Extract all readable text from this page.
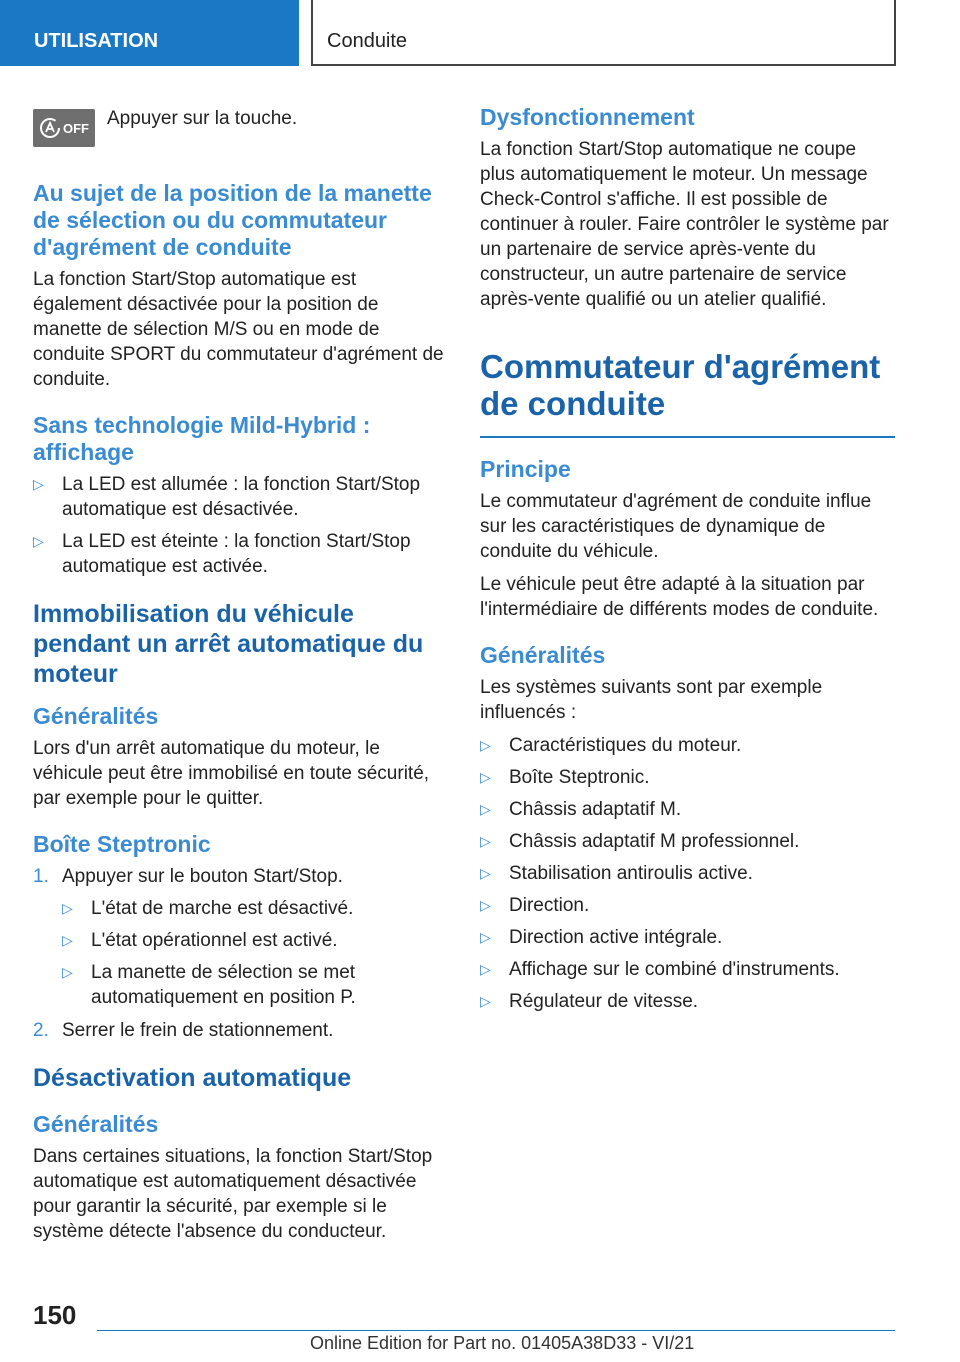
UTILISATION	Conduite
OFF Appuyer sur la touche.
Au sujet de la position de la manette de sélection ou du commutateur d'agrément de conduite

La fonction Start/Stop automatique est également désactivée pour la position de manette de sélection M/S ou en mode de conduite SPORT du commutateur d'agrément de conduite.

Sans technologie Mild-Hybrid : affichage
▷ La LED est allumée : la fonction Start/Stop automatique est désactivée.
▷ La LED est éteinte : la fonction Start/Stop automatique est activée.
Immobilisation du véhicule pendant un arrêt automatique du moteur
Généralités

Lors d'un arrêt automatique du moteur, le véhicule peut être immobilisé en toute sécurité, par exemple pour le quitter.

Boîte Steptronic
1. Appuyer sur le bouton Start/Stop.
▷ L'état de marche est désactivé.
▷ L'état opérationnel est activé.
▷ La manette de sélection se met automatiquement en position P.
2. Serrer le frein de stationnement.
Désactivation automatique
Généralités

Dans certaines situations, la fonction Start/Stop automatique est automatiquement désactivée pour garantir la sécurité, par exemple si le système détecte l'absence du conducteur.

Dysfonctionnement

La fonction Start/Stop automatique ne coupe plus automatiquement le moteur. Un message Check-Control s'affiche. Il est possible de continuer à rouler. Faire contrôler le système par un partenaire de service après-vente du constructeur, un autre partenaire de service après-vente qualifié ou un atelier qualifié.

Commutateur d'agrément de conduite
Principe

Le commutateur d'agrément de conduite influe sur les caractéristiques de dynamique de conduite du véhicule.

Le véhicule peut être adapté à la situation par l'intermédiaire de différents modes de conduite.

Généralités

Les systèmes suivants sont par exemple influencés :

▷ Caractéristiques du moteur.
▷ Boîte Steptronic.
▷ Châssis adaptatif M.
▷ Châssis adaptatif M professionnel.
▷ Stabilisation antiroulis active.
▷ Direction.
▷ Direction active intégrale.
▷ Affichage sur le combiné d'instruments.
▷ Régulateur de vitesse.
150
Online Edition for Part no. 01405A38D33 - VI/21
